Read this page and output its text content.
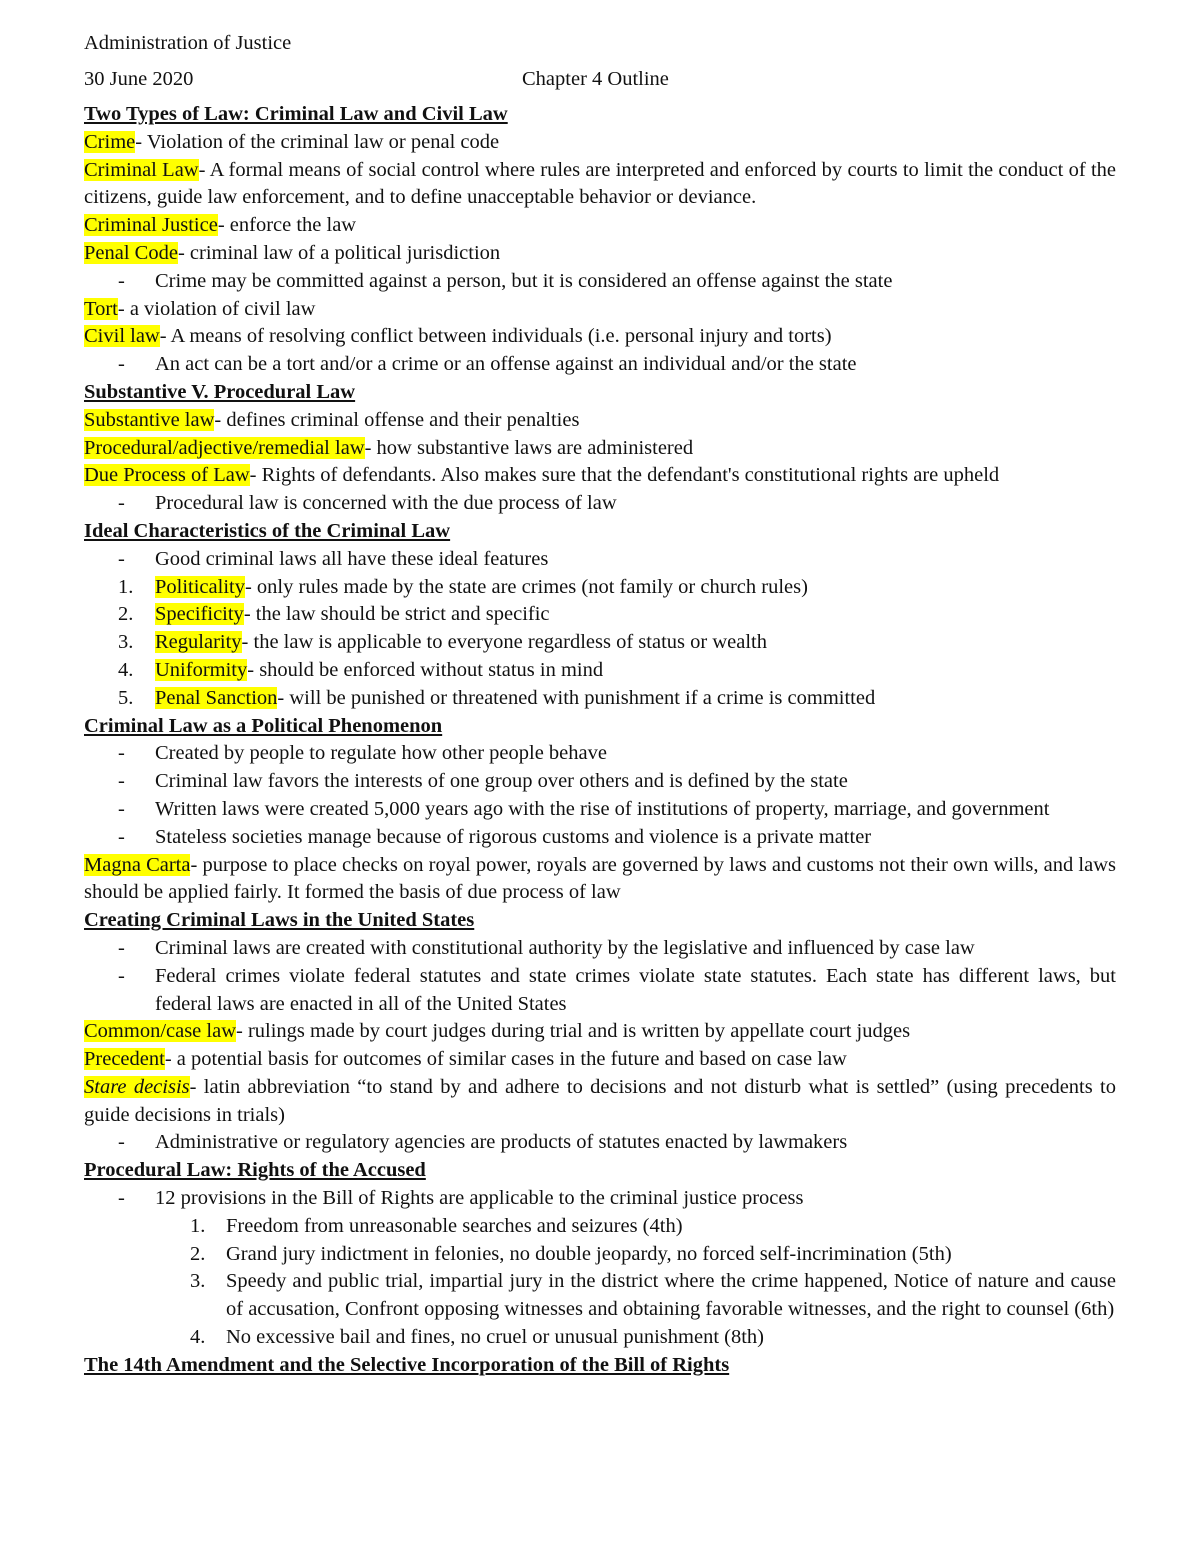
Administration of Justice
30 June 2020	Chapter 4 Outline
Two Types of Law: Criminal Law and Civil Law
Crime- Violation of the criminal law or penal code
Criminal Law- A formal means of social control where rules are interpreted and enforced by courts to limit the conduct of the citizens, guide law enforcement, and to define unacceptable behavior or deviance.
Criminal Justice- enforce the law
Penal Code- criminal law of a political jurisdiction
- Crime may be committed against a person, but it is considered an offense against the state
Tort- a violation of civil law
Civil law- A means of resolving conflict between individuals (i.e. personal injury and torts)
- An act can be a tort and/or a crime or an offense against an individual and/or the state
Substantive V. Procedural Law
Substantive law- defines criminal offense and their penalties
Procedural/adjective/remedial law- how substantive laws are administered
Due Process of Law- Rights of defendants. Also makes sure that the defendant's constitutional rights are upheld
- Procedural law is concerned with the due process of law
Ideal Characteristics of the Criminal Law
- Good criminal laws all have these ideal features
1. Politicality- only rules made by the state are crimes (not family or church rules)
2. Specificity- the law should be strict and specific
3. Regularity- the law is applicable to everyone regardless of status or wealth
4. Uniformity- should be enforced without status in mind
5. Penal Sanction- will be punished or threatened with punishment if a crime is committed
Criminal Law as a Political Phenomenon
- Created by people to regulate how other people behave
- Criminal law favors the interests of one group over others and is defined by the state
- Written laws were created 5,000 years ago with the rise of institutions of property, marriage, and government
- Stateless societies manage because of rigorous customs and violence is a private matter
Magna Carta- purpose to place checks on royal power, royals are governed by laws and customs not their own wills, and laws should be applied fairly. It formed the basis of due process of law
Creating Criminal Laws in the United States
- Criminal laws are created with constitutional authority by the legislative and influenced by case law
- Federal crimes violate federal statutes and state crimes violate state statutes. Each state has different laws, but federal laws are enacted in all of the United States
Common/case law- rulings made by court judges during trial and is written by appellate court judges
Precedent- a potential basis for outcomes of similar cases in the future and based on case law
Stare decisis- latin abbreviation “to stand by and adhere to decisions and not disturb what is settled” (using precedents to guide decisions in trials)
- Administrative or regulatory agencies are products of statutes enacted by lawmakers
Procedural Law: Rights of the Accused
- 12 provisions in the Bill of Rights are applicable to the criminal justice process
1. Freedom from unreasonable searches and seizures (4th)
2. Grand jury indictment in felonies, no double jeopardy, no forced self-incrimination (5th)
3. Speedy and public trial, impartial jury in the district where the crime happened, Notice of nature and cause of accusation, Confront opposing witnesses and obtaining favorable witnesses, and the right to counsel (6th)
4. No excessive bail and fines, no cruel or unusual punishment (8th)
The 14th Amendment and the Selective Incorporation of the Bill of Rights
